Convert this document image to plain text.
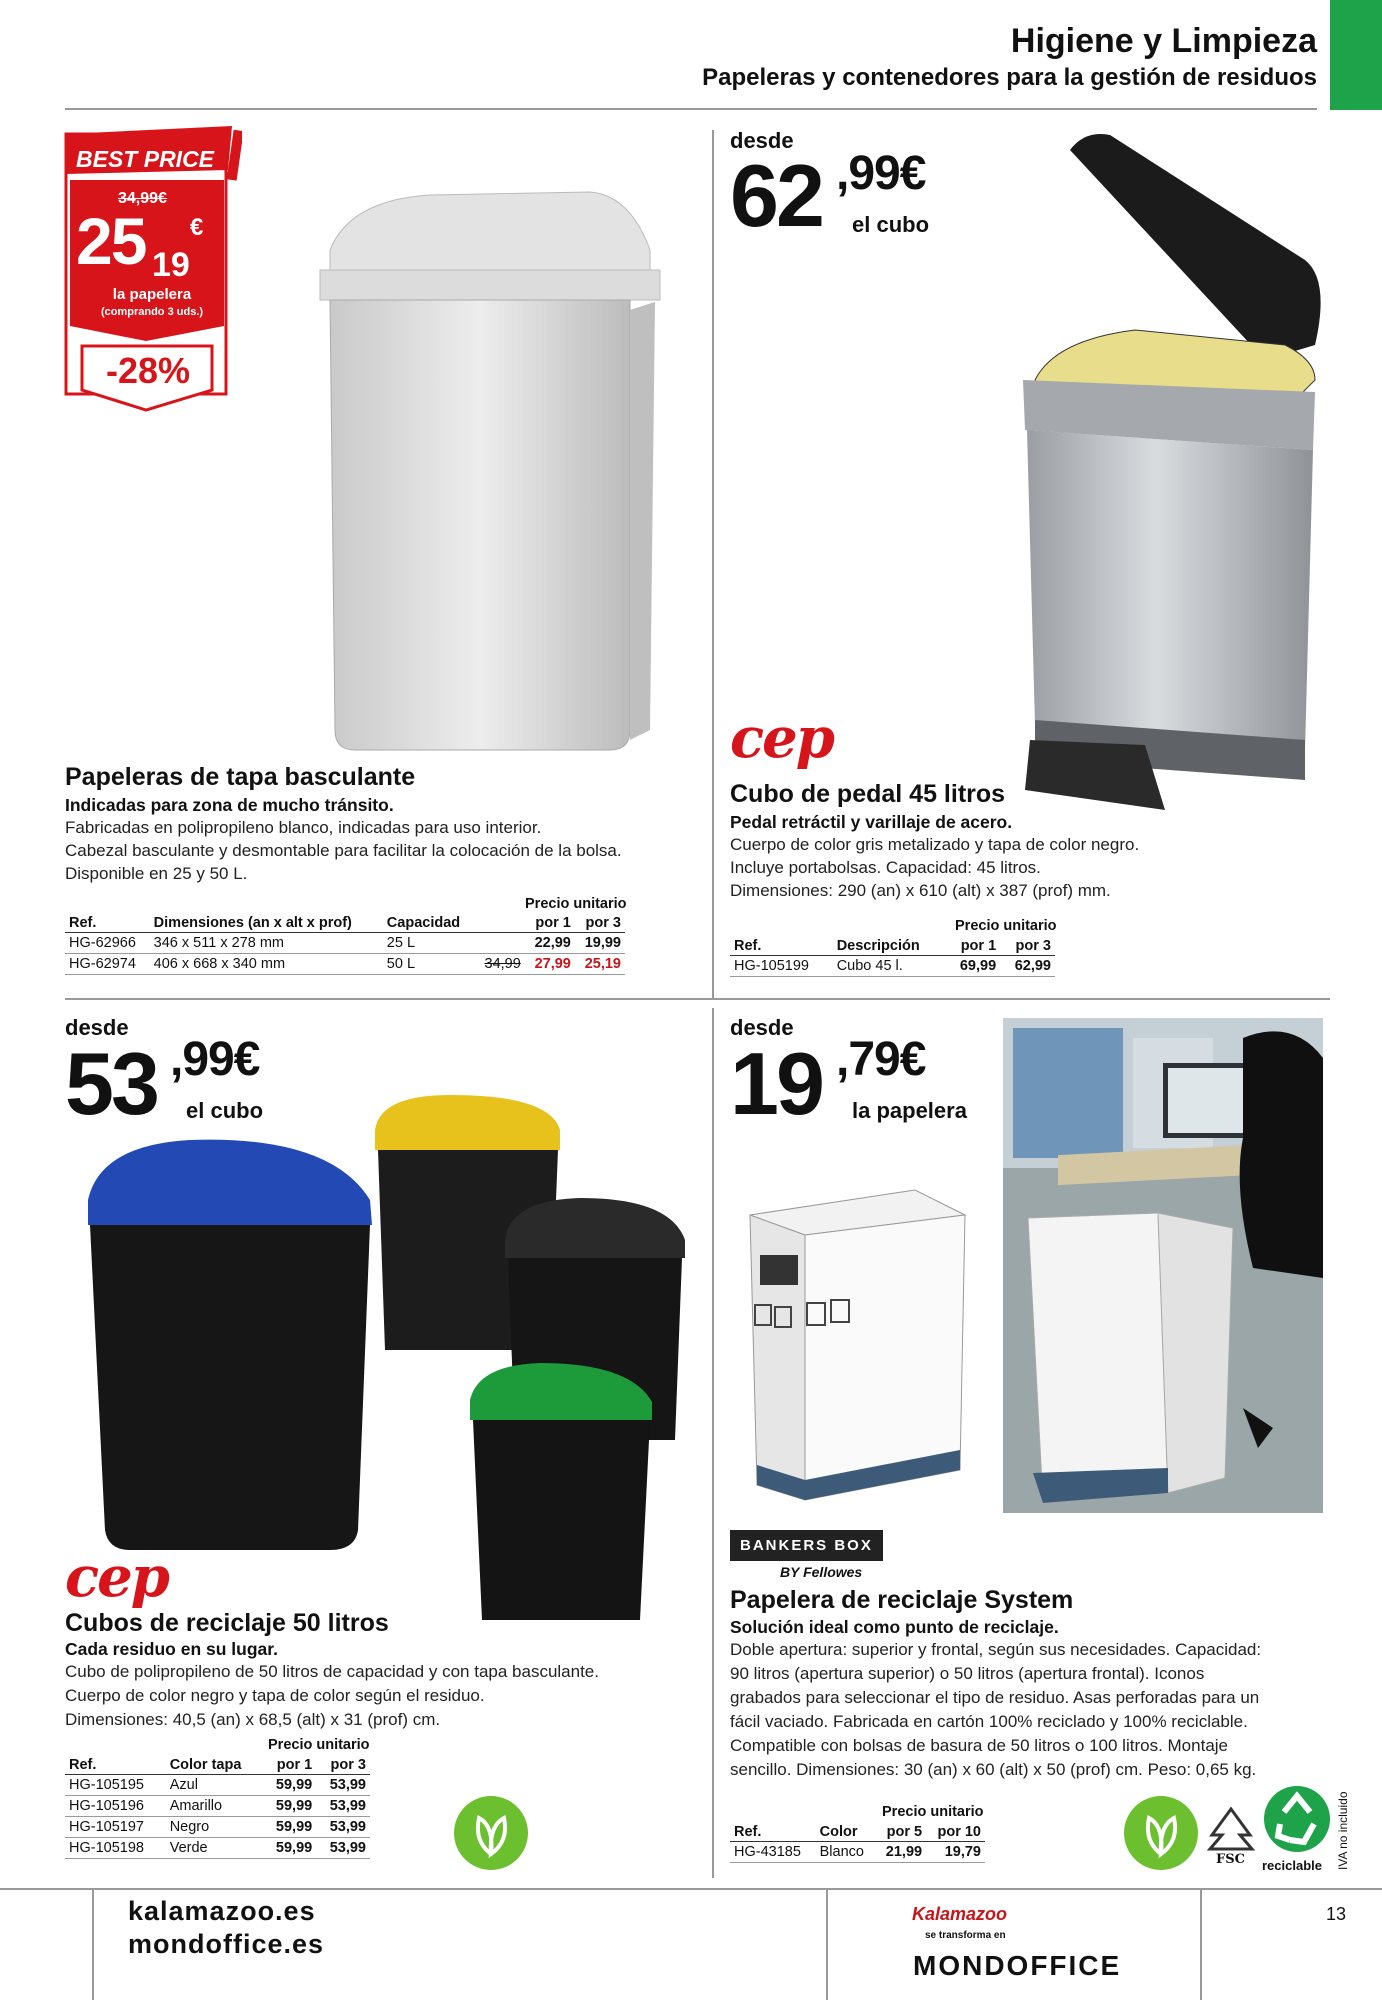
Higiene y Limpieza
Papeleras y contenedores para la gestión de residuos
BEST PRICE
34,99€
25 19
€
la papelera
(comprando 3 uds.)
-28%
Papeleras de tapa basculante
Indicadas para zona de mucho tránsito.
Fabricadas en polipropileno blanco, indicadas para uso interior.
Cabezal basculante y desmontable para facilitar la colocación de la bolsa.
Disponible en 25 y 50 L.
Precio unitario
Ref.	Dimensiones (an x alt x prof)	Capacidad		por 1	por 3
HG-62966	346 x 511 x 278 mm	25 L		22,99	19,99
HG-62974	406 x 668 x 340 mm	50 L	34,99	27,99	25,19
desde
62 ,99€
el cubo
cep
Cubo de pedal 45 litros
Pedal retráctil y varillaje de acero.
Cuerpo de color gris metalizado y tapa de color negro.
Incluye portabolsas. Capacidad: 45 litros.
Dimensiones: 290 (an) x 610 (alt) x 387 (prof) mm.
Precio unitario
Ref.	Descripción	por 1	por 3
HG-105199	Cubo 45 l.	69,99	62,99
desde
53 ,99€
el cubo
cep
Cubos de reciclaje 50 litros
Cada residuo en su lugar.
Cubo de polipropileno de 50 litros de capacidad y con tapa basculante.
Cuerpo de color negro y tapa de color según el residuo.
Dimensiones: 40,5 (an) x 68,5 (alt) x 31 (prof) cm.
Precio unitario
Ref.	Color tapa	por 1	por 3
HG-105195	Azul	59,99	53,99
HG-105196	Amarillo	59,99	53,99
HG-105197	Negro	59,99	53,99
HG-105198	Verde	59,99	53,99
desde
19 ,79€
la papelera
BANKERS BOX
BY Fellowes
Papelera de reciclaje System
Solución ideal como punto de reciclaje.
Doble apertura: superior y frontal, según sus necesidades. Capacidad:
90 litros (apertura superior) o 50 litros (apertura frontal). Iconos
grabados para seleccionar el tipo de residuo. Asas perforadas para un
fácil vaciado. Fabricada en cartón 100% reciclado y 100% reciclable.
Compatible con bolsas de basura de 50 litros o 100 litros. Montaje
sencillo. Dimensiones: 30 (an) x 60 (alt) x 50 (prof) cm. Peso: 0,65 kg.
Precio unitario
Ref.	Color	por 5	por 10
HG-43185	Blanco	21,99	19,79	FSC reciclable IVA no incluido
kalamazoo.es
mondoffice.es
Kalamazoo
se transforma en
MONDOFFICE
13
